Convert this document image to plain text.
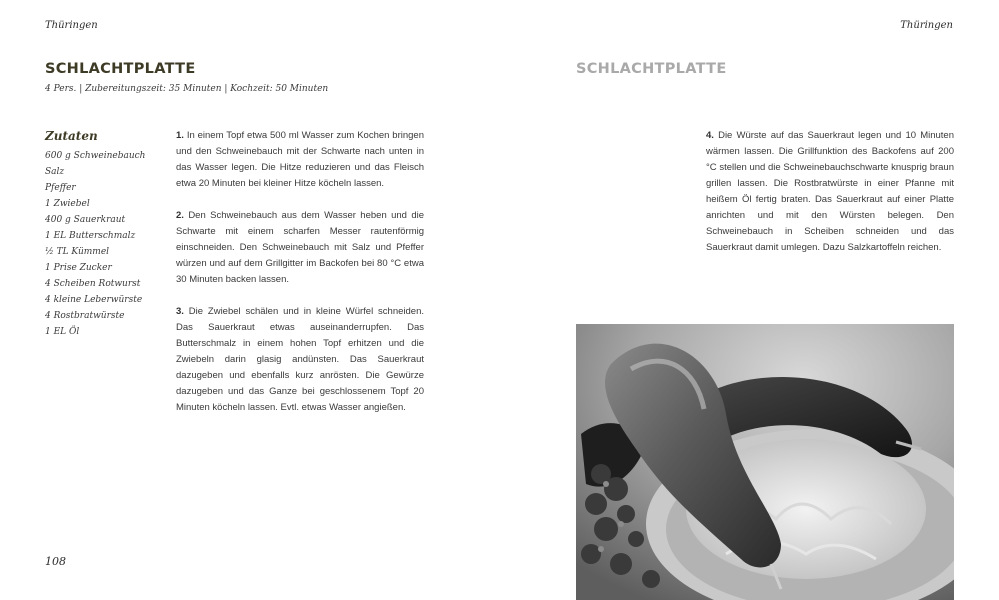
Thüringen
SCHLACHTPLATTE
4 Pers. | Zubereitungszeit: 35 Minuten | Kochzeit: 50 Minuten
Zutaten
600 g Schweinebauch
Salz
Pfeffer
1 Zwiebel
400 g Sauerkraut
1 EL Butterschmalz
½ TL Kümmel
1 Prise Zucker
4 Scheiben Rotwurst
4 kleine Leberwürste
4 Rostbratwürste
1 EL Öl

1. In einem Topf etwa 500 ml Wasser zum Kochen bringen und den Schweinebauch mit der Schwarte nach unten in das Wasser legen. Die Hitze reduzieren und das Fleisch etwa 20 Minuten bei kleiner Hitze köcheln lassen.

2. Den Schweinebauch aus dem Wasser heben und die Schwarte mit einem scharfen Messer rautenförmig einschneiden. Den Schweinebauch mit Salz und Pfeffer würzen und auf dem Grillgitter im Backofen bei 80 °C etwa 30 Minuten backen lassen.

3. Die Zwiebel schälen und in kleine Würfel schneiden. Das Sauerkraut etwas auseinanderrupfen. Das Butterschmalz in einem hohen Topf erhitzen und die Zwiebeln darin glasig andünsten. Das Sauerkraut dazugeben und ebenfalls kurz anrösten. Die Gewürze dazugeben und das Ganze bei geschlossenem Topf 20 Minuten köcheln lassen. Evtl. etwas Wasser angießen.

108
Thüringen
SCHLACHTPLATTE

4. Die Würste auf das Sauerkraut legen und 10 Minuten wärmen lassen. Die Grillfunktion des Backofens auf 200 °C stellen und die Schweinebauchschwarte knusprig braun grillen lassen. Die Rostbratwürste in einer Pfanne mit heißem Öl fertig braten. Das Sauerkraut auf einer Platte anrichten und mit den Würsten belegen. Den Schweinebauch in Scheiben schneiden und das Sauerkraut damit umlegen. Dazu Salzkartoffeln reichen.
